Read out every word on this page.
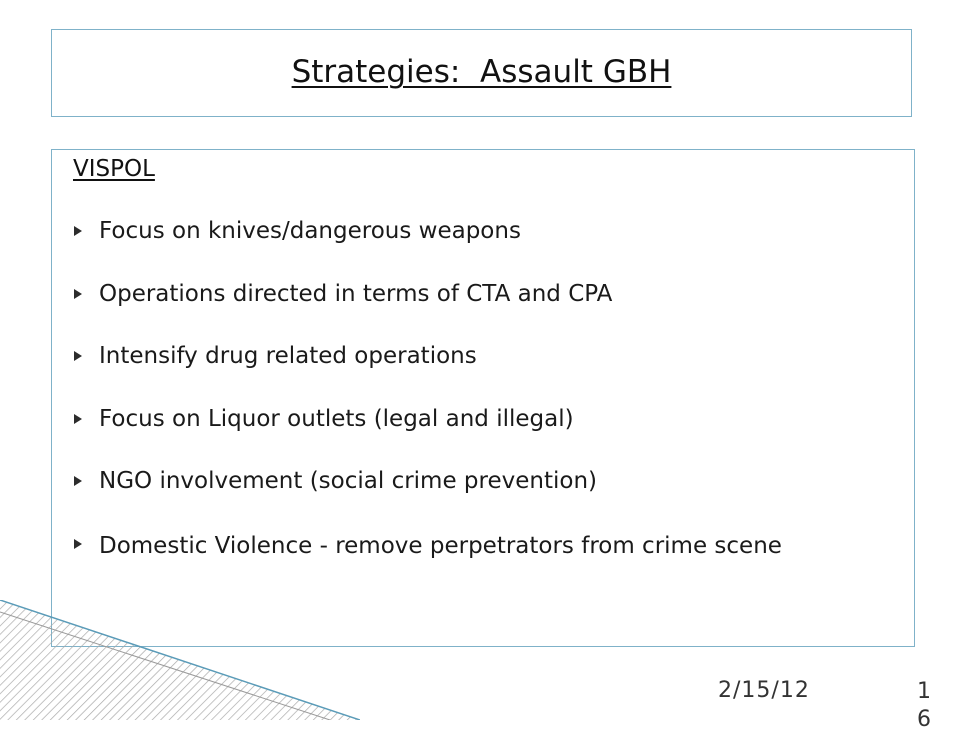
Strategies:  Assault GBH
VISPOL
Focus on knives/dangerous weapons
Operations directed in terms of CTA and CPA
Intensify drug related operations
Focus on Liquor outlets (legal and illegal)
NGO involvement (social crime prevention)
Domestic Violence - remove perpetrators from crime scene
2/15/12	16
